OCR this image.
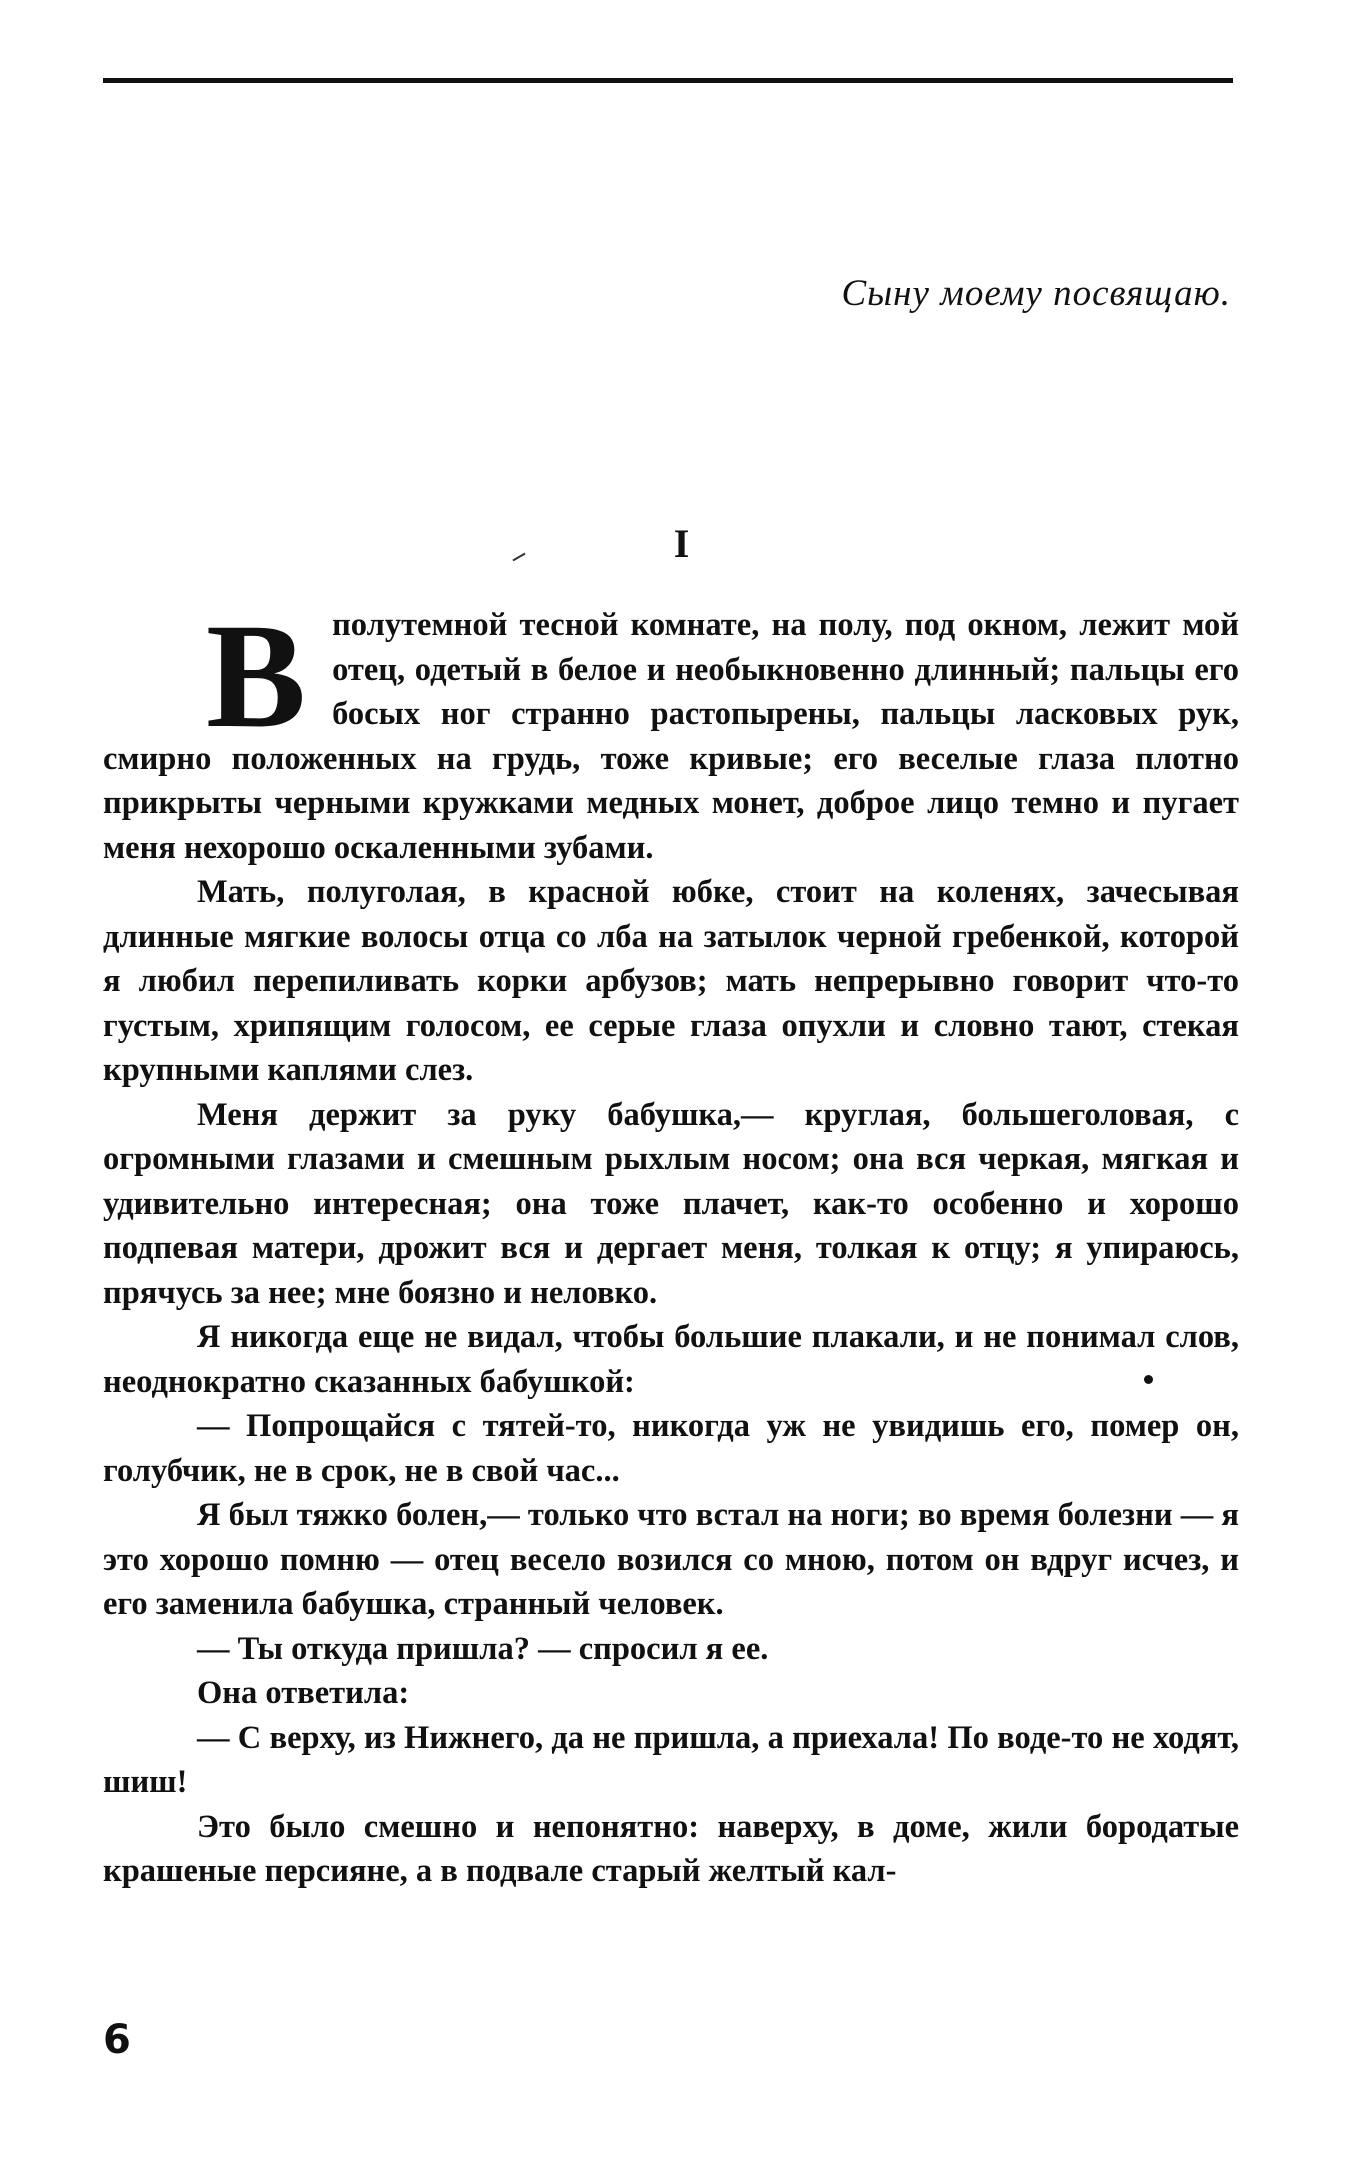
Сыну моему посвящаю.
I

Вполутемной тесной комнате, на полу, под окном, лежит мой отец, одетый в белое и необыкновенно длинный; пальцы его босых ног странно растопырены, пальцы ласковых рук, смирно положенных на грудь, тоже кривые; его веселые глаза плотно прикрыты черными кружками медных монет, доброе лицо темно и пугает меня нехорошо оскаленными зубами.

Мать, полуголая, в красной юбке, стоит на коленях, зачесывая длинные мягкие волосы отца со лба на затылок черной гребенкой, которой я любил перепиливать корки арбузов; мать непрерывно говорит что-то густым, хрипящим голосом, ее серые глаза опухли и словно тают, стекая крупными каплями слез.

Меня держит за руку бабушка,— круглая, большеголовая, с огромными глазами и смешным рыхлым носом; она вся черкая, мягкая и удивительно интересная; она тоже плачет, как-то особенно и хорошо подпевая матери, дрожит вся и дергает меня, толкая к отцу; я упираюсь, прячусь за нее; мне боязно и неловко.

Я никогда еще не видал, чтобы большие плакали, и не понимал слов, неоднократно сказанных бабушкой:

— Попрощайся с тятей-то, никогда уж не увидишь его, помер он, голубчик, не в срок, не в свой час...

Я был тяжко болен,— только что встал на ноги; во время болезни — я это хорошо помню — отец весело возился со мною, потом он вдруг исчез, и его заменила бабушка, странный человек.

— Ты откуда пришла? — спросил я ее.

Она ответила:

— С верху, из Нижнего, да не пришла, а приехала! По воде-то не ходят, шиш!

Это было смешно и непонятно: наверху, в доме, жили бородатые крашеные персияне, а в подвале старый желтый кал-

6
